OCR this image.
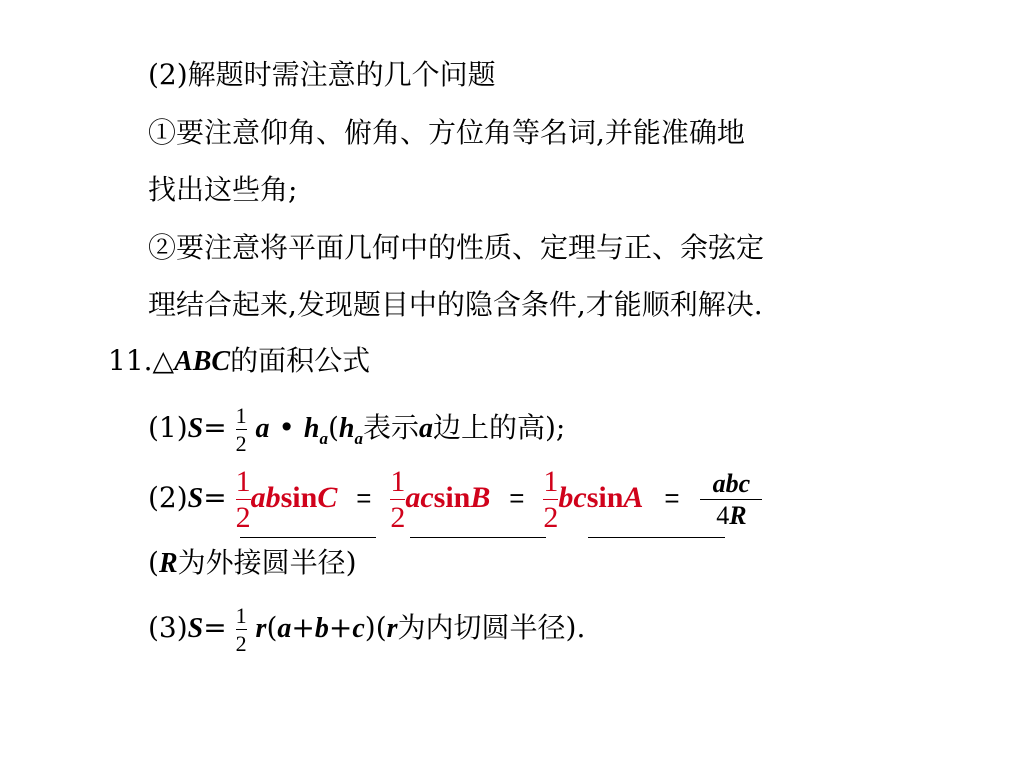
(2)解题时需注意的几个问题
①要注意仰角、俯角、方位角等名词,并能准确地
找出这些角;
②要注意将平面几何中的性质、定理与正、余弦定
理结合起来,发现题目中的隐含条件,才能顺利解决.
11.△ABC的面积公式
$(1)S= \frac{1}{2}$ a • $h_a(h_a$表示a边上的高);
$(2)S= \frac{1}{2}$ $absinC = \frac{1}{2}$ $acsinB = \frac{1}{2}$ $bcsinA = \frac{\text{abc}}{4R}$
(R为外接圆半径)
$(3)S= \frac{1}{2} r(a+b+c)(r$为内切圆半径).
